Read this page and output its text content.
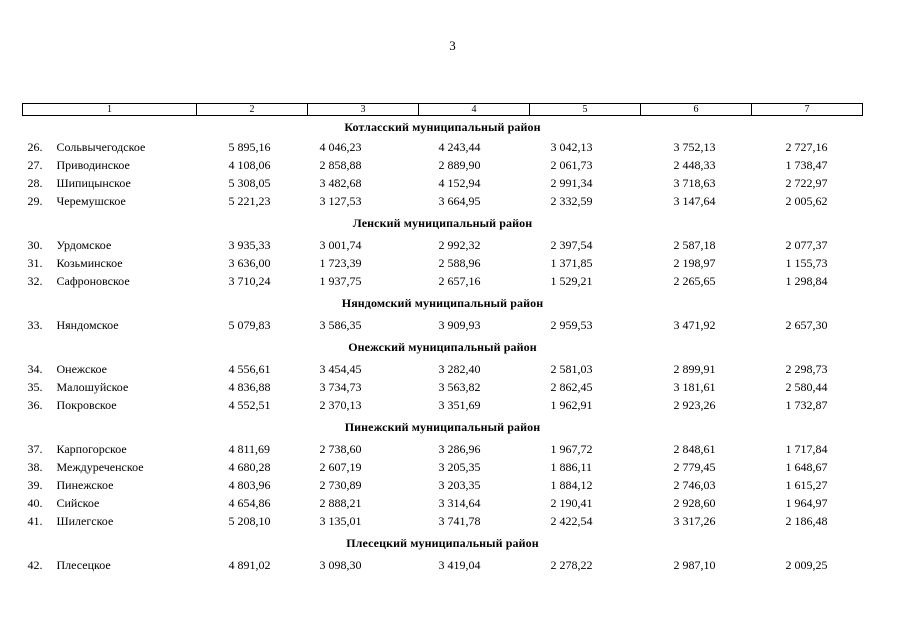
3
1	2	3	4	5	6	7
Котласский муниципальный район						
26. Сольвычегодское	5 895,16	4 046,23	4 243,44	3 042,13	3 752,13	2 727,16
27. Приводинское	4 108,06	2 858,88	2 889,90	2 061,73	2 448,33	1 738,47
28. Шипицынское	5 308,05	3 482,68	4 152,94	2 991,34	3 718,63	2 722,97
29. Черемушское	5 221,23	3 127,53	3 664,95	2 332,59	3 147,64	2 005,62
Ленский муниципальный район						
30. Урдомское	3 935,33	3 001,74	2 992,32	2 397,54	2 587,18	2 077,37
31. Козьминское	3 636,00	1 723,39	2 588,96	1 371,85	2 198,97	1 155,73
32. Сафроновское	3 710,24	1 937,75	2 657,16	1 529,21	2 265,65	1 298,84
Няндомский муниципальный район						
33. Няндомское	5 079,83	3 586,35	3 909,93	2 959,53	3 471,92	2 657,30
Онежский муниципальный район						
34. Онежское	4 556,61	3 454,45	3 282,40	2 581,03	2 899,91	2 298,73
35. Малошуйское	4 836,88	3 734,73	3 563,82	2 862,45	3 181,61	2 580,44
36. Покровское	4 552,51	2 370,13	3 351,69	1 962,91	2 923,26	1 732,87
Пинежский муниципальный район						
37. Карпогорское	4 811,69	2 738,60	3 286,96	1 967,72	2 848,61	1 717,84
38. Междуреченское	4 680,28	2 607,19	3 205,35	1 886,11	2 779,45	1 648,67
39. Пинежское	4 803,96	2 730,89	3 203,35	1 884,12	2 746,03	1 615,27
40. Сийское	4 654,86	2 888,21	3 314,64	2 190,41	2 928,60	1 964,97
41. Шилегское	5 208,10	3 135,01	3 741,78	2 422,54	3 317,26	2 186,48
Плесецкий муниципальный район						
42. Плесецкое	4 891,02	3 098,30	3 419,04	2 278,22	2 987,10	2 009,25
